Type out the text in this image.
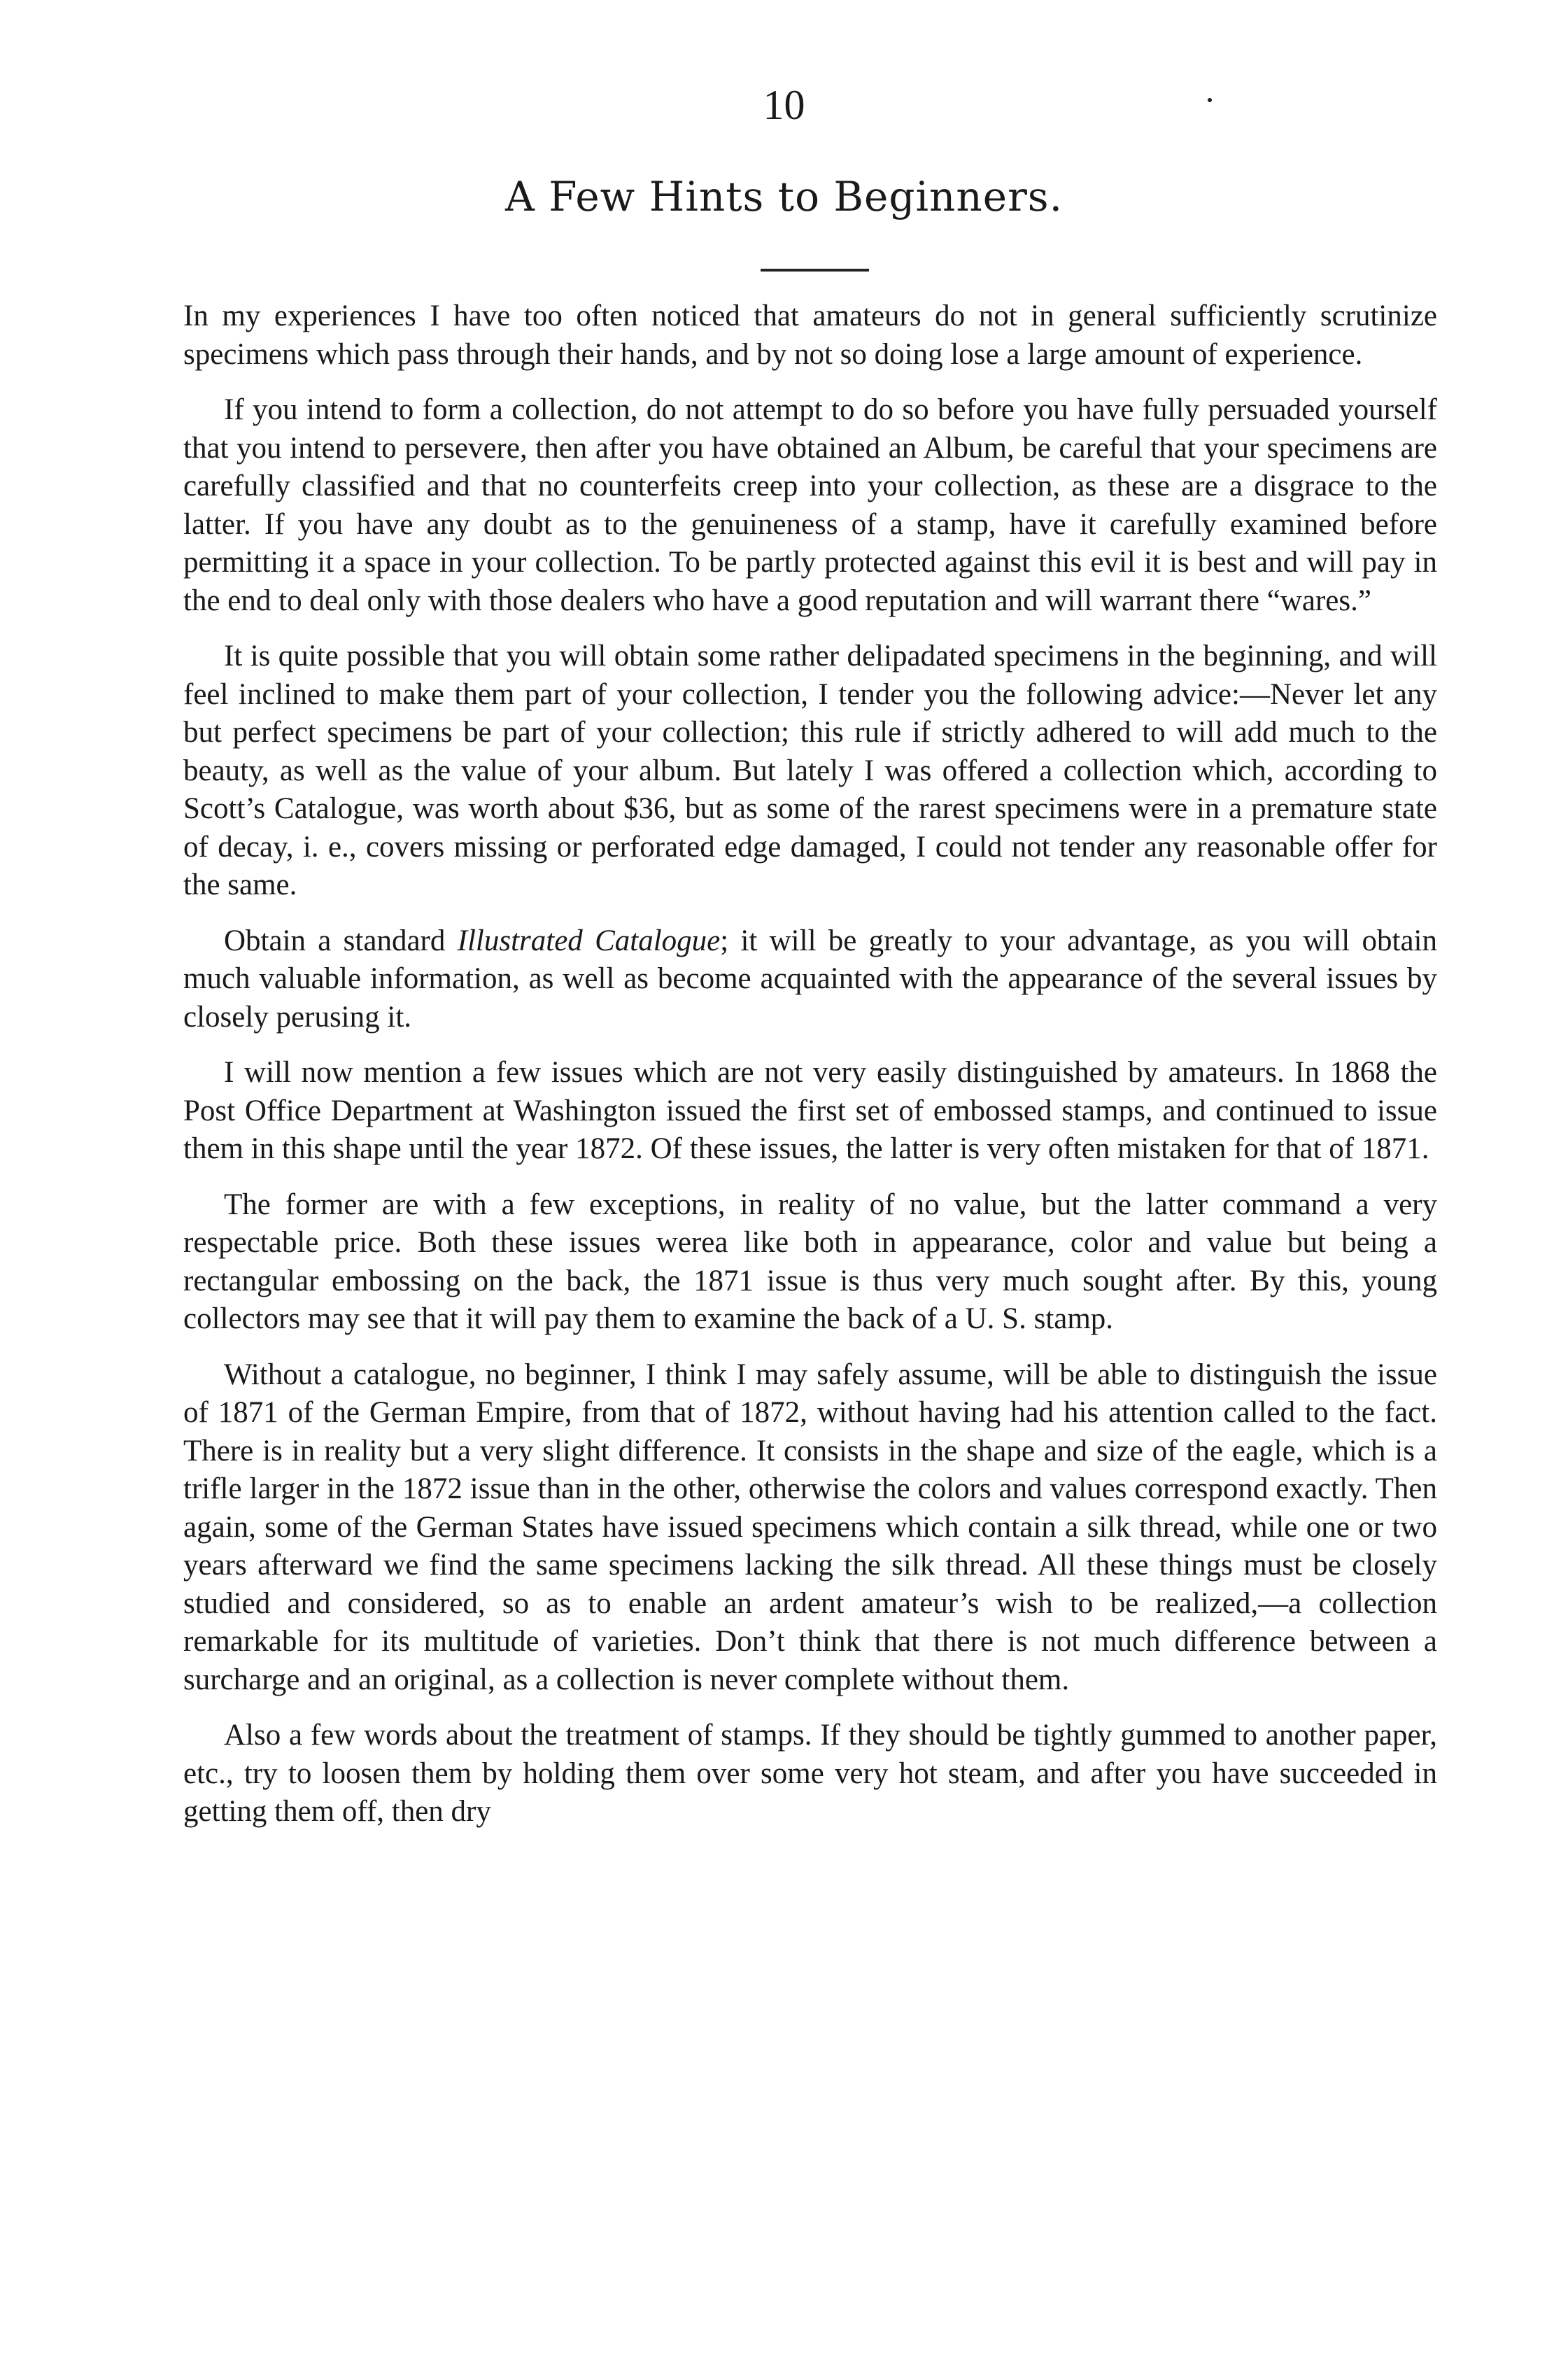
10
A Few Hints to Beginners.

In my experiences I have too often noticed that amateurs do not in general sufficiently scrutinize specimens which pass through their hands, and by not so doing lose a large amount of experience.

If you intend to form a collection, do not attempt to do so before you have fully persuaded yourself that you intend to persevere, then after you have obtained an Album, be careful that your specimens are carefully classified and that no counterfeits creep into your collection, as these are a disgrace to the latter. If you have any doubt as to the genuineness of a stamp, have it carefully examined before permitting it a space in your collection. To be partly protected against this evil it is best and will pay in the end to deal only with those dealers who have a good reputation and will warrant there “wares.”

It is quite possible that you will obtain some rather delipadated specimens in the beginning, and will feel inclined to make them part of your collection, I tender you the following advice:—Never let any but perfect specimens be part of your collection; this rule if strictly adhered to will add much to the beauty, as well as the value of your album. But lately I was offered a collection which, according to Scott’s Catalogue, was worth about $36, but as some of the rarest specimens were in a premature state of decay, i. e., covers missing or perforated edge damaged, I could not tender any reasonable offer for the same.

Obtain a standard Illustrated Catalogue; it will be greatly to your advantage, as you will obtain much valuable information, as well as become acquainted with the appearance of the several issues by closely perusing it.

I will now mention a few issues which are not very easily distinguished by amateurs. In 1868 the Post Office Department at Washington issued the first set of embossed stamps, and continued to issue them in this shape until the year 1872. Of these issues, the latter is very often mistaken for that of 1871.

The former are with a few exceptions, in reality of no value, but the latter command a very respectable price. Both these issues werea like both in appearance, color and value but being a rectangular embossing on the back, the 1871 issue is thus very much sought after. By this, young collectors may see that it will pay them to examine the back of a U. S. stamp.

Without a catalogue, no beginner, I think I may safely assume, will be able to distinguish the issue of 1871 of the German Empire, from that of 1872, without having had his attention called to the fact. There is in reality but a very slight difference. It consists in the shape and size of the eagle, which is a trifle larger in the 1872 issue than in the other, otherwise the colors and values correspond exactly. Then again, some of the German States have issued specimens which contain a silk thread, while one or two years afterward we find the same specimens lacking the silk thread. All these things must be closely studied and considered, so as to enable an ardent amateur’s wish to be realized,—a collection remarkable for its multitude of varieties. Don’t think that there is not much difference between a surcharge and an original, as a collection is never complete without them.

Also a few words about the treatment of stamps. If they should be tightly gummed to another paper, etc., try to loosen them by holding them over some very hot steam, and after you have succeeded in getting them off, then dry
